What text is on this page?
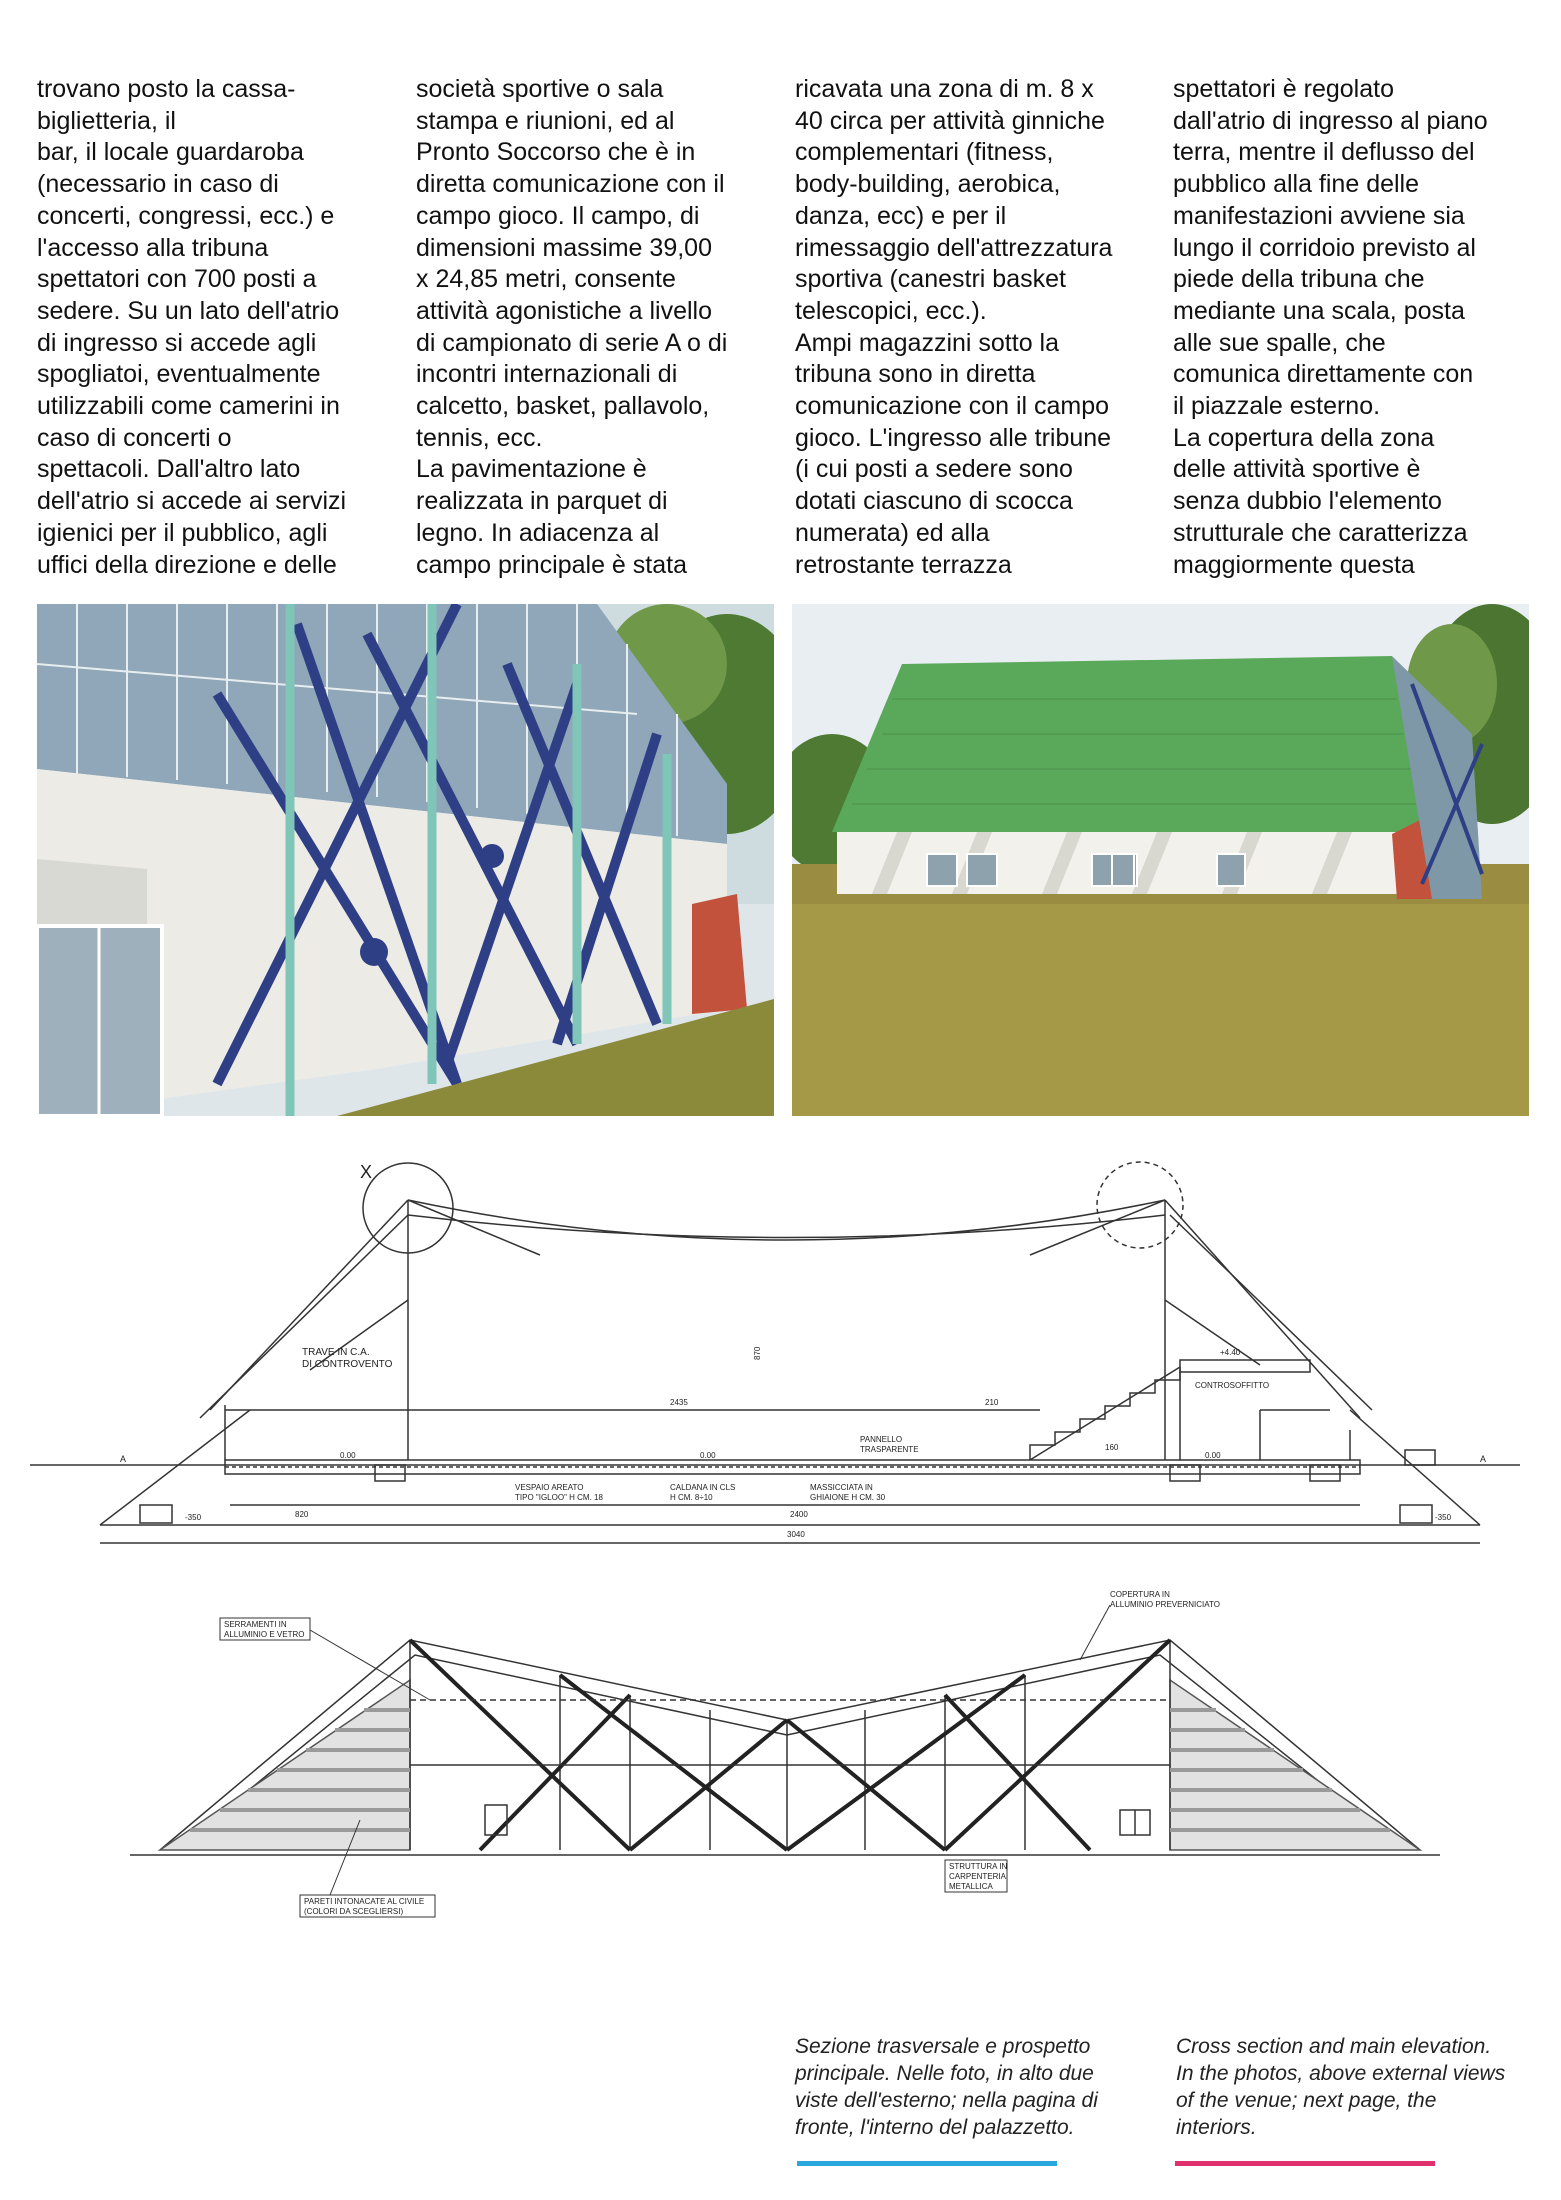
trovano posto la cassa-
biglietteria, il
bar, il locale guardaroba
(necessario in caso di
concerti, congressi, ecc.) e
l'accesso alla tribuna
spettatori con 700 posti a
sedere. Su un lato dell'atrio
di ingresso si accede agli
spogliatoi, eventualmente
utilizzabili come camerini in
caso di concerti o
spettacoli. Dall'altro lato
dell'atrio si accede ai servizi
igienici per il pubblico, agli
uffici della direzione e delle

società sportive o sala
stampa e riunioni, ed al
Pronto Soccorso che è in
diretta comunicazione con il
campo gioco. Il campo, di
dimensioni massime 39,00
x 24,85 metri, consente
attività agonistiche a livello
di campionato di serie A o di
incontri internazionali di
calcetto, basket, pallavolo,
tennis, ecc.
La pavimentazione è
realizzata in parquet di
legno. In adiacenza al
campo principale è stata

ricavata una zona di m. 8 x
40 circa per attività ginniche
complementari (fitness,
body-building, aerobica,
danza, ecc) e per il
rimessaggio dell'attrezzatura
sportiva (canestri basket
telescopici, ecc.).
Ampi magazzini sotto la
tribuna sono in diretta
comunicazione con il campo
gioco. L'ingresso alle tribune
(i cui posti a sedere sono
dotati ciascuno di scocca
numerata) ed alla
retrostante terrazza

spettatori è regolato
dall'atrio di ingresso al piano
terra, mentre il deflusso del
pubblico alla fine delle
manifestazioni avviene sia
lungo il corridoio previsto al
piede della tribuna che
mediante una scala, posta
alle sue spalle, che
comunica direttamente con
il piazzale esterno.
La copertura della zona
delle attività sportive è
senza dubbio l'elemento
strutturale che caratterizza
maggiormente questa

X
TRAVE IN C.A.
DI CONTROVENTO
PANNELLO
TRASPARENTE
VESPAIO AREATO
TIPO "IGLOO" H CM. 18
CALDANA IN CLS
H CM. 8÷10
MASSICCIATA IN
GHIAIONE H CM. 30
CONTROSOFFITTO
2435	210
870
820	2400
3040
160
0.00	0.00	0.00
+4.40
-350	-350
A	A
SERRAMENTI IN
ALLUMINIO E VETRO
COPERTURA IN
ALLUMINIO PREVERNICIATO
PARETI INTONACATE AL CIVILE
(COLORI DA SCEGLIERSI)
STRUTTURA IN
CARPENTERIA
METALLICA
Sezione trasversale e prospetto principale. Nelle foto, in alto due viste dell'esterno; nella pagina di fronte, l'interno del palazzetto.
Cross section and main elevation. In the photos, above external views of the venue; next page, the interiors.
